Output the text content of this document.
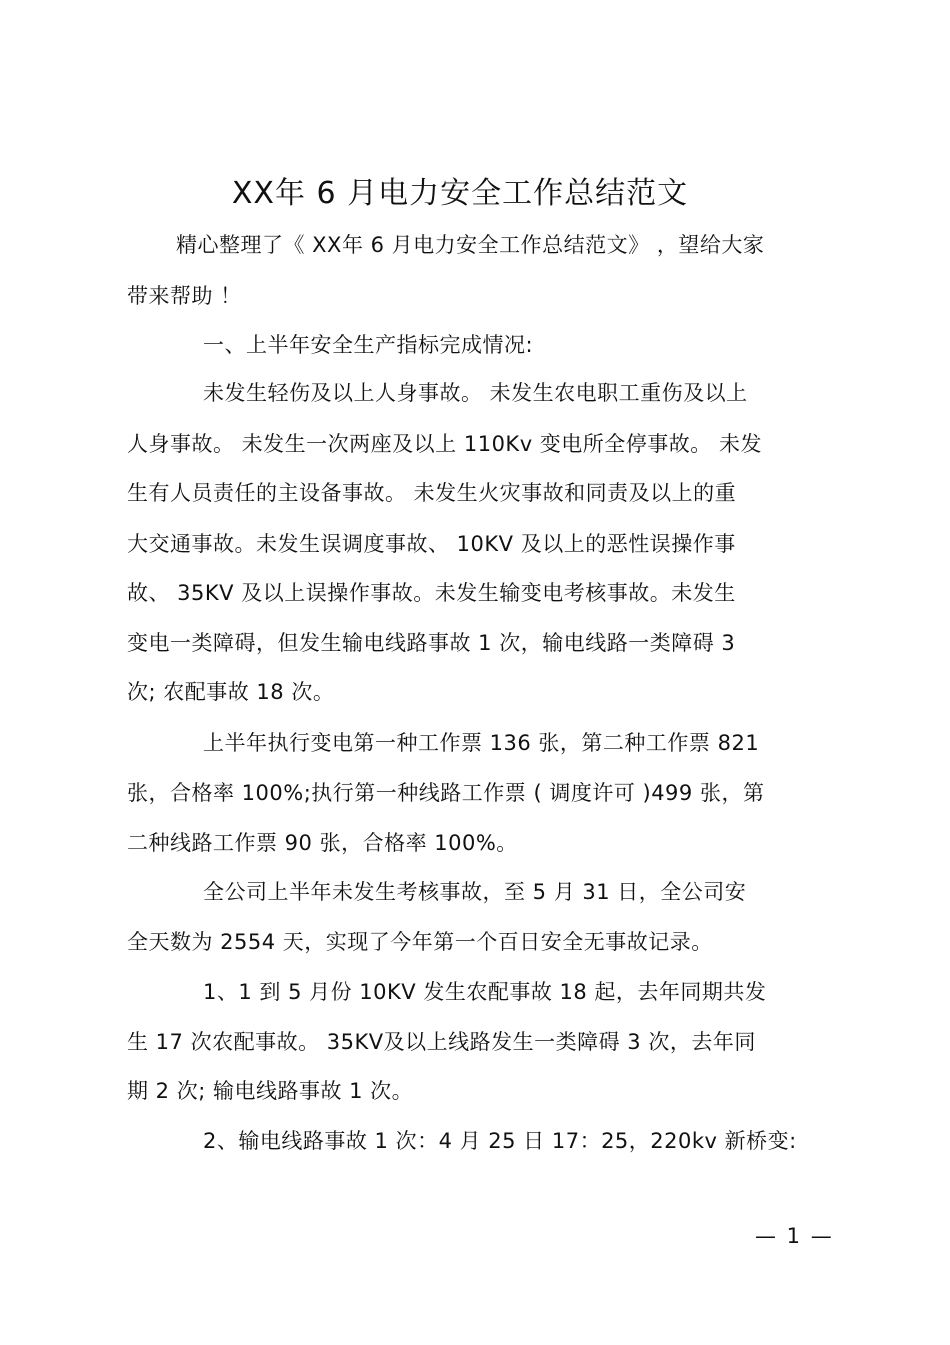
XX年 6 月电力安全工作总结范文
精心整理了《 XX年 6 月电力安全工作总结范文》 ，望给大家
带来帮助 ！
一、上半年安全生产指标完成情况:
未发生轻伤及以上人身事故。 未发生农电职工重伤及以上
人身事故。 未发生一次两座及以上 110Kv 变电所全停事故。 未发
生有人员责任的主设备事故。 未发生火灾事故和同责及以上的重
大交通事故。未发生误调度事故、 10KV 及以上的恶性误操作事
故、 35KV 及以上误操作事故。未发生输变电考核事故。未发生
变电一类障碍，但发生输电线路事故 1 次，输电线路一类障碍 3
次; 农配事故 18 次。
上半年执行变电第一种工作票 136 张，第二种工作票 821
张，合格率 100%;执行第一种线路工作票 ( 调度许可 )499 张，第
二种线路工作票 90 张，合格率 100%。
全公司上半年未发生考核事故，至 5 月 31 日，全公司安
全天数为 2554 天，实现了今年第一个百日安全无事故记录。
1、1 到 5 月份 10KV 发生农配事故 18 起，去年同期共发
生 17 次农配事故。 35KV及以上线路发生一类障碍 3 次，去年同
期 2 次; 输电线路事故 1 次。
2、输电线路事故 1 次：4 月 25 日 17：25，220kv 新桥变:
— 1 —
